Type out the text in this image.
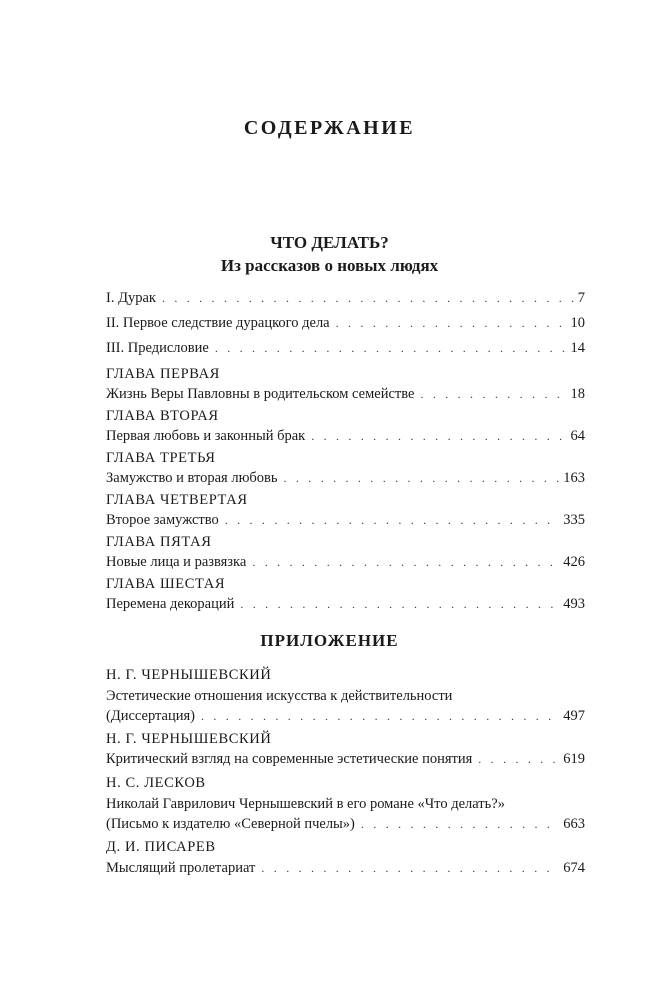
СОДЕРЖАНИЕ
ЧТО ДЕЛАТЬ?
Из рассказов о новых людях
I. Дурак . . .	7
II. Первое следствие дурацкого дела . . .	10
III. Предисловие . . .	14
ГЛАВА ПЕРВАЯ
Жизнь Веры Павловны в родительском семействе . . .	18
ГЛАВА ВТОРАЯ
Первая любовь и законный брак . . .	64
ГЛАВА ТРЕТЬЯ
Замужство и вторая любовь . . .	163
ГЛАВА ЧЕТВЕРТАЯ
Второе замужство . . .	335
ГЛАВА ПЯТАЯ
Новые лица и развязка . . .	426
ГЛАВА ШЕСТАЯ
Перемена декораций . . .	493
ПРИЛОЖЕНИЕ
Н. Г. ЧЕРНЫШЕВСКИЙ
Эстетические отношения искусства к действительности
(Диссертация) . . .	497
Н. Г. ЧЕРНЫШЕВСКИЙ
Критический взгляд на современные эстетические понятия . . .	619
Н. С. ЛЕСКОВ
Николай Гаврилович Чернышевский в его романе «Что делать?»
(Письмо к издателю «Северной пчелы») . . .	663
Д. И. ПИСАРЕВ
Мыслящий пролетариат . . .	674
